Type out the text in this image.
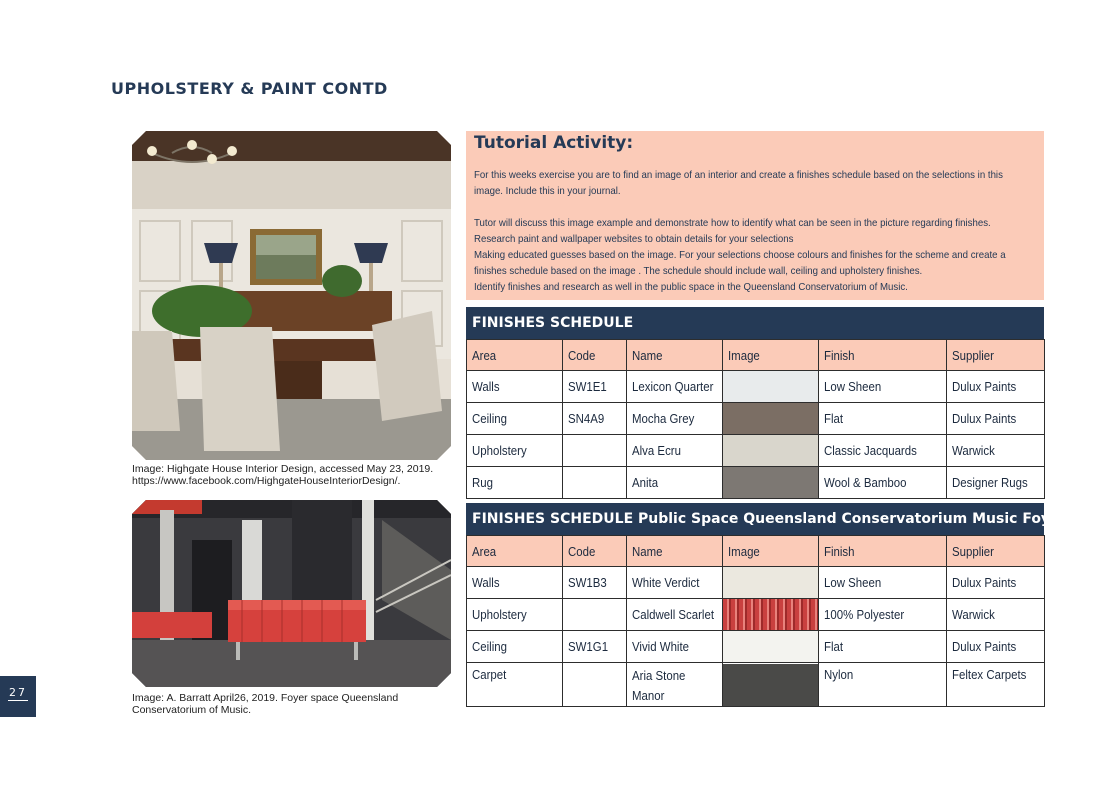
UPHOLSTERY & PAINT CONTD
Image: Highgate House Interior Design, accessed May 23, 2019. https://www.facebook.com/HighgateHouseInteriorDesign/.
Image: A. Barratt April26, 2019. Foyer space Queensland Conservatorium of Music.
Tutorial Activity:

For this weeks exercise you are to find an image of an interior and create a finishes schedule based on the selections in this image. Include this in your journal.

Tutor will discuss this image example and demonstrate how to identify what can be seen in the picture regarding finishes. Research paint and wallpaper websites to obtain details for your selections

Making educated guesses based on the image. For your selections choose colours and finishes for the scheme and create a finishes schedule based on the image . The schedule should include wall, ceiling and upholstery finishes.

Identify finishes and research as well in the public space in the Queensland Conservatorium of Music.

FINISHES SCHEDULE
Area	Code	Name	Image	Finish	Supplier
Walls	SW1E1	Lexicon Quarter		Low Sheen	Dulux Paints
Ceiling	SN4A9	Mocha Grey		Flat	Dulux Paints
Upholstery		Alva Ecru		Classic Jacquards	Warwick
Rug		Anita		Wool & Bamboo	Designer Rugs
FINISHES SCHEDULE Public Space Queensland Conservatorium Music Foyer
Area	Code	Name	Image	Finish	Supplier
Walls	SW1B3	White Verdict		Low Sheen	Dulux Paints
Upholstery		Caldwell Scarlet		100% Polyester	Warwick
Ceiling	SW1G1	Vivid White		Flat	Dulux Paints
Carpet		Aria Stone Manor		Nylon	Feltex Carpets
27
